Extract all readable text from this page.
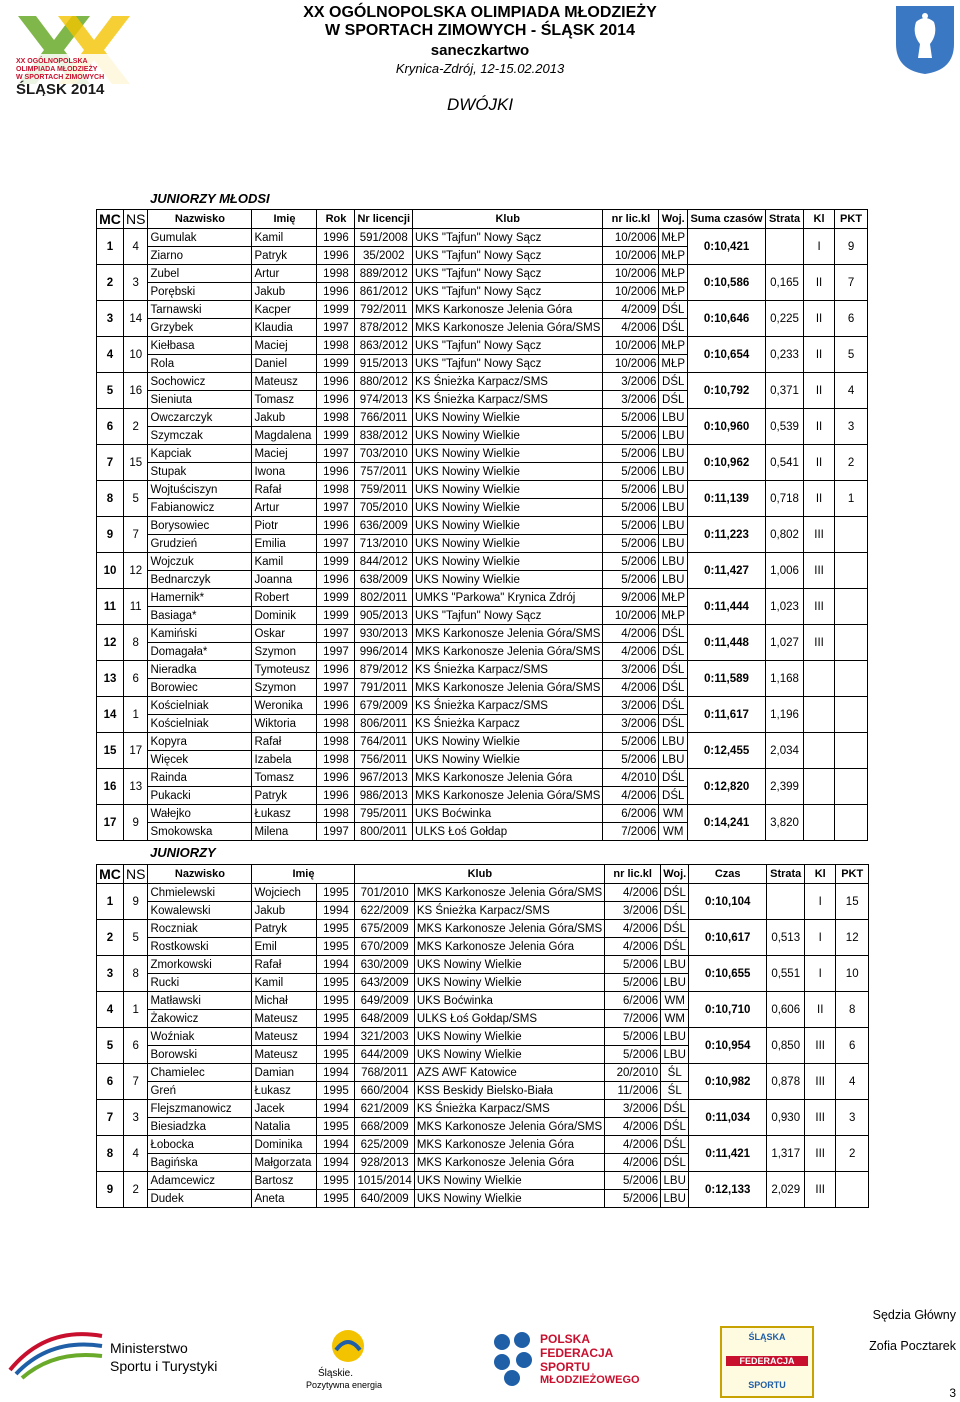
XX OGÓLNOPOLSKA
OLIMPIADA MŁODZIEŻY
W SPORTACH ZIMOWYCH
ŚLĄSK 2014
XX OGÓLNOPOLSKA OLIMPIADA MŁODZIEŻY
W SPORTACH ZIMOWYCH - ŚLĄSK 2014
saneczkartwo
Krynica-Zdrój, 12-15.02.2013
DWÓJKI
JUNIORZY MŁODSI
MC	NS	Nazwisko	Imię	Rok	Nr licencji	Klub	nr lic.kl	Woj.	Suma czasów	Strata	Kl	PKT
1	4	Gumulak	Kamil	1996	591/2008	UKS "Tajfun" Nowy Sącz	10/2006	MŁP	0:10,421		I	9
		Ziarno	Patryk	1996	35/2002	UKS "Tajfun" Nowy Sącz	10/2006	MŁP				
2	3	Zubel	Artur	1998	889/2012	UKS "Tajfun" Nowy Sącz	10/2006	MŁP	0:10,586	0,165	II	7
		Porębski	Jakub	1996	861/2012	UKS "Tajfun" Nowy Sącz	10/2006	MŁP				
3	14	Tarnawski	Kacper	1999	792/2011	MKS Karkonosze Jelenia Góra	4/2009	DŚL	0:10,646	0,225	II	6
		Grzybek	Klaudia	1997	878/2012	MKS Karkonosze Jelenia Góra/SMS	4/2006	DŚL				
4	10	Kiełbasa	Maciej	1998	863/2012	UKS "Tajfun" Nowy Sącz	10/2006	MŁP	0:10,654	0,233	II	5
		Rola	Daniel	1999	915/2013	UKS "Tajfun" Nowy Sącz	10/2006	MŁP				
5	16	Sochowicz	Mateusz	1996	880/2012	KS Śnieżka Karpacz/SMS	3/2006	DŚL	0:10,792	0,371	II	4
		Sieniuta	Tomasz	1996	974/2013	KS Śnieżka Karpacz/SMS	3/2006	DŚL				
6	2	Owczarczyk	Jakub	1998	766/2011	UKS Nowiny Wielkie	5/2006	LBU	0:10,960	0,539	II	3
		Szymczak	Magdalena	1999	838/2012	UKS Nowiny Wielkie	5/2006	LBU				
7	15	Kapciak	Maciej	1997	703/2010	UKS Nowiny Wielkie	5/2006	LBU	0:10,962	0,541	II	2
		Stupak	Iwona	1996	757/2011	UKS Nowiny Wielkie	5/2006	LBU				
8	5	Wojtuściszyn	Rafał	1998	759/2011	UKS Nowiny Wielkie	5/2006	LBU	0:11,139	0,718	II	1
		Fabianowicz	Artur	1997	705/2010	UKS Nowiny Wielkie	5/2006	LBU				
9	7	Borysowiec	Piotr	1996	636/2009	UKS Nowiny Wielkie	5/2006	LBU	0:11,223	0,802	III	
		Grudzień	Emilia	1997	713/2010	UKS Nowiny Wielkie	5/2006	LBU				
10	12	Wojczuk	Kamil	1999	844/2012	UKS Nowiny Wielkie	5/2006	LBU	0:11,427	1,006	III	
		Bednarczyk	Joanna	1996	638/2009	UKS Nowiny Wielkie	5/2006	LBU				
11	11	Hamernik*	Robert	1999	802/2011	UMKS "Parkowa" Krynica Zdrój	9/2006	MŁP	0:11,444	1,023	III	
		Basiaga*	Dominik	1999	905/2013	UKS "Tajfun" Nowy Sącz	10/2006	MŁP				
12	8	Kamiński	Oskar	1997	930/2013	MKS Karkonosze Jelenia Góra/SMS	4/2006	DŚL	0:11,448	1,027	III	
		Domagała*	Szymon	1997	996/2014	MKS Karkonosze Jelenia Góra/SMS	4/2006	DŚL				
13	6	Nieradka	Tymoteusz	1996	879/2012	KS Śnieżka Karpacz/SMS	3/2006	DŚL	0:11,589	1,168		
		Borowiec	Szymon	1997	791/2011	MKS Karkonosze Jelenia Góra/SMS	4/2006	DŚL				
14	1	Kościelniak	Weronika	1996	679/2009	KS Śnieżka Karpacz/SMS	3/2006	DŚL	0:11,617	1,196		
		Kościelniak	Wiktoria	1998	806/2011	KS Śnieżka Karpacz	3/2006	DŚL				
15	17	Kopyra	Rafał	1998	764/2011	UKS Nowiny Wielkie	5/2006	LBU	0:12,455	2,034		
		Więcek	Izabela	1998	756/2011	UKS Nowiny Wielkie	5/2006	LBU				
16	13	Rainda	Tomasz	1996	967/2013	MKS Karkonosze Jelenia Góra	4/2010	DŚL	0:12,820	2,399		
		Pukacki	Patryk	1996	986/2013	MKS Karkonosze Jelenia Góra/SMS	4/2006	DŚL				
17	9	Wałejko	Łukasz	1998	795/2011	UKS Boćwinka	6/2006	WM	0:14,241	3,820		
		Smokowska	Milena	1997	800/2011	ULKS Łoś Gołdap	7/2006	WM				
JUNIORZY
MC	NS	Nazwisko	Imię		Klub		nr lic.kl	Woj.	Czas	Strata	Kl	PKT
1	9	Chmielewski	Wojciech	1995	701/2010	MKS Karkonosze Jelenia Góra/SMS	4/2006	DŚL	0:10,104		I	15
		Kowalewski	Jakub	1994	622/2009	KS Śnieżka Karpacz/SMS	3/2006	DŚL				
2	5	Roczniak	Patryk	1995	675/2009	MKS Karkonosze Jelenia Góra/SMS	4/2006	DŚL	0:10,617	0,513	I	12
		Rostkowski	Emil	1995	670/2009	MKS Karkonosze Jelenia Góra	4/2006	DŚL				
3	8	Zmorkowski	Rafał	1994	630/2009	UKS Nowiny Wielkie	5/2006	LBU	0:10,655	0,551	I	10
		Rucki	Kamil	1995	643/2009	UKS Nowiny Wielkie	5/2006	LBU				
4	1	Matławski	Michał	1995	649/2009	UKS Boćwinka	6/2006	WM	0:10,710	0,606	II	8
		Żakowicz	Mateusz	1995	648/2009	ULKS Łoś Gołdap/SMS	7/2006	WM				
5	6	Woźniak	Mateusz	1994	321/2003	UKS Nowiny Wielkie	5/2006	LBU	0:10,954	0,850	III	6
		Borowski	Mateusz	1995	644/2009	UKS Nowiny Wielkie	5/2006	LBU				
6	7	Chamielec	Damian	1994	768/2011	AZS AWF Katowice	20/2010	ŚL	0:10,982	0,878	III	4
		Greń	Łukasz	1995	660/2004	KSS Beskidy Bielsko-Biała	11/2006	ŚL				
7	3	Flejszmanowicz	Jacek	1994	621/2009	KS Śnieżka Karpacz/SMS	3/2006	DŚL	0:11,034	0,930	III	3
		Biesiadzka	Natalia	1995	668/2009	MKS Karkonosze Jelenia Góra/SMS	4/2006	DŚL				
8	4	Łobocka	Dominika	1994	625/2009	MKS Karkonosze Jelenia Góra	4/2006	DŚL	0:11,421	1,317	III	2
		Bagińska	Małgorzata	1994	928/2013	MKS Karkonosze Jelenia Góra	4/2006	DŚL				
9	2	Adamcewicz	Bartosz	1995	1015/2014	UKS Nowiny Wielkie	5/2006	LBU	0:12,133	2,029	III	
		Dudek	Aneta	1995	640/2009	UKS Nowiny Wielkie	5/2006	LBU				
Ministerstwo
Sportu i Turystyki	Śląskie.
Pozytywna energia
POLSKA
FEDERACJA
SPORTU
MŁODZIEŻOWEGO
ŚLĄSKA
FEDERACJA
SPORTU
Sędzia Główny
Zofia Pocztarek
3
